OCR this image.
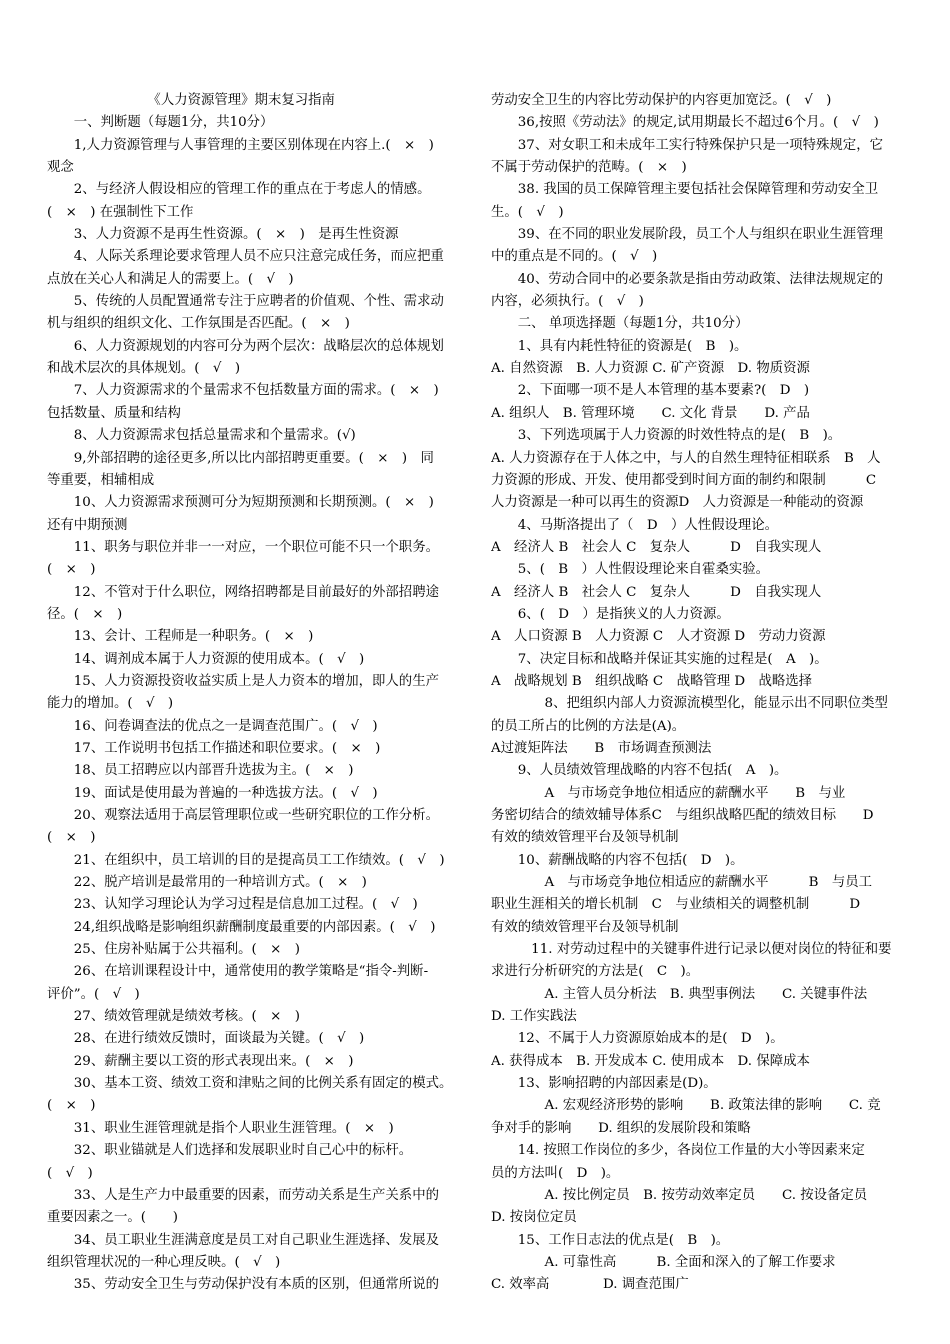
　　　　　　　　《人力资源管理》期末复习指南
　　一、判断题（每题1分，共10分）
　　1,人力资源管理与人事管理的主要区别体现在内容上.(　×　)
观念
　　2、与经济人假设相应的管理工作的重点在于考虑人的情感。
(　×　) 在强制性下工作
　　3、人力资源不是再生性资源。(　×　)　是再生性资源
　　4、人际关系理论要求管理人员不应只注意完成任务，而应把重
点放在关心人和满足人的需要上。(　√　)
　　5、传统的人员配置通常专注于应聘者的价值观、个性、需求动
机与组织的组织文化、工作氛围是否匹配。(　×　)
　　6、人力资源规划的内容可分为两个层次：战略层次的总体规划
和战术层次的具体规划。(　√　)
　　7、人力资源需求的个量需求不包括数量方面的需求。(　×　)
包括数量、质量和结构
　　8、人力资源需求包括总量需求和个量需求。(√)
　　9,外部招聘的途径更多,所以比内部招聘更重要。(　×　)　同
等重要，相辅相成
　　10、人力资源需求预测可分为短期预测和长期预测。(　×　)
还有中期预测
　　11、职务与职位并非一一对应，一个职位可能不只一个职务。
(　×　)
　　12、不管对于什么职位，网络招聘都是目前最好的外部招聘途
径。(　×　)
　　13、会计、工程师是一种职务。(　×　)
　　14、调剂成本属于人力资源的使用成本。(　√　)
　　15、人力资源投资收益实质上是人力资本的增加，即人的生产
能力的增加。(　√　)
　　16、问卷调查法的优点之一是调查范围广。(　√　)
　　17、工作说明书包括工作描述和职位要求。(　×　)
　　18、员工招聘应以内部晋升选拔为主。(　×　)
　　19、面试是使用最为普遍的一种选拔方法。(　√　)
　　20、观察法适用于高层管理职位或一些研究职位的工作分析。
(　×　)
　　21、在组织中，员工培训的目的是提高员工工作绩效。(　√　)
　　22、脱产培训是最常用的一种培训方式。(　×　)
　　23、认知学习理论认为学习过程是信息加工过程。(　√　)
　　24,组织战略是影响组织薪酬制度最重要的内部因素。(　√　)
　　25、住房补贴属于公共福利。(　×　)
　　26、在培训课程设计中，通常使用的教学策略是“指令-判断-
评价”。(　√　)
　　27、绩效管理就是绩效考核。(　×　)
　　28、在进行绩效反馈时，面谈最为关键。(　√　)
　　29、薪酬主要以工资的形式表现出来。(　×　)
　　30、基本工资、绩效工资和津贴之间的比例关系有固定的模式。
(　×　)
　　31、职业生涯管理就是指个人职业生涯管理。(　×　)
　　32、职业锚就是人们选择和发展职业时自己心中的标杆。
(　√　)
　　33、人是生产力中最重要的因素，而劳动关系是生产关系中的
重要因素之一。(　　)
　　34、员工职业生涯满意度是员工对自己职业生涯选择、发展及
组织管理状况的一种心理反映。(　√　)
　　35、劳动安全卫生与劳动保护没有本质的区别，但通常所说的
劳动安全卫生的内容比劳动保护的内容更加宽泛。(　√　)
　　36,按照《劳动法》的规定,试用期最长不超过6个月。(　√　)
　　37、对女职工和未成年工实行特殊保护只是一项特殊规定，它
不属于劳动保护的范畴。(　×　)
　　38. 我国的员工保障管理主要包括社会保障管理和劳动安全卫
生。(　√　)
　　39、在不同的职业发展阶段，员工个人与组织在职业生涯管理
中的重点是不同的。(　√　)
　　40、劳动合同中的必要条款是指由劳动政策、法律法规规定的
内容，必须执行。(　√　)
　　二、 单项选择题（每题1分，共10分）
　　1、具有内耗性特征的资源是(　B　)。
A. 自然资源　B. 人力资源 C. 矿产资源　D. 物质资源
　　2、下面哪一项不是人本管理的基本要素?(　D　)
A. 组织人　B. 管理环境　　C. 文化 背景　　D. 产品
　　3、下列选项属于人力资源的时效性特点的是(　B　)。
A. 人力资源存在于人体之中，与人的自然生理特征相联系　B　人
力资源的形成、开发、使用都受到时间方面的制约和限制　　　C
人力资源是一种可以再生的资源D　人力资源是一种能动的资源
　　4、马斯洛提出了（　D　）人性假设理论。
A　经济人 B　社会人 C　复杂人　　　D　自我实现人
　　5、(　B　）人性假设理论来自霍桑实验。
A　经济人 B　社会人 C　复杂人　　　D　自我实现人
　　6、(　D　）是指狭义的人力资源。
A　人口资源 B　人力资源 C　人才资源 D　劳动力资源
　　7、决定目标和战略并保证其实施的过程是(　A　)。
A　战略规划 B　组织战略 C　战略管理 D　战略选择
　　　　8、把组织内部人力资源流模型化，能显示出不同职位类型
的员工所占的比例的方法是(A)。
A过渡矩阵法　　B　市场调查预测法
　　9、人员绩效管理战略的内容不包括(　A　)。
　　　　A　与市场竞争地位相适应的薪酬水平　　B　与业
务密切结合的绩效辅导体系C　与组织战略匹配的绩效目标　　D
有效的绩效管理平台及领导机制
　　10、薪酬战略的内容不包括(　D　)。
　　　　A　与市场竞争地位相适应的薪酬水平　　　B　与员工
职业生涯相关的增长机制　C　与业绩相关的调整机制　　　D
有效的绩效管理平台及领导机制
　　　11. 对劳动过程中的关键事件进行记录以便对岗位的特征和要
求进行分析研究的方法是(　C　)。
　　　　A. 主管人员分析法　B. 典型事例法　　C. 关键事件法
D. 工作实践法
　　12、不属于人力资源原始成本的是(　D　)。
A. 获得成本　B. 开发成本 C. 使用成本　D. 保障成本
　　13、影响招聘的内部因素是(D)。
　　　　A. 宏观经济形势的影响　　B. 政策法律的影响　　C. 竞
争对手的影响　　D. 组织的发展阶段和策略
　　14. 按照工作岗位的多少，各岗位工作量的大小等因素来定
员的方法叫(　D　)。
　　　　A. 按比例定员　B. 按劳动效率定员　　C. 按设备定员
D. 按岗位定员
　　15、工作日志法的优点是(　B　)。
　　　　A. 可靠性高　　　B. 全面和深入的了解工作要求
C. 效率高　　　　D. 调查范围广
